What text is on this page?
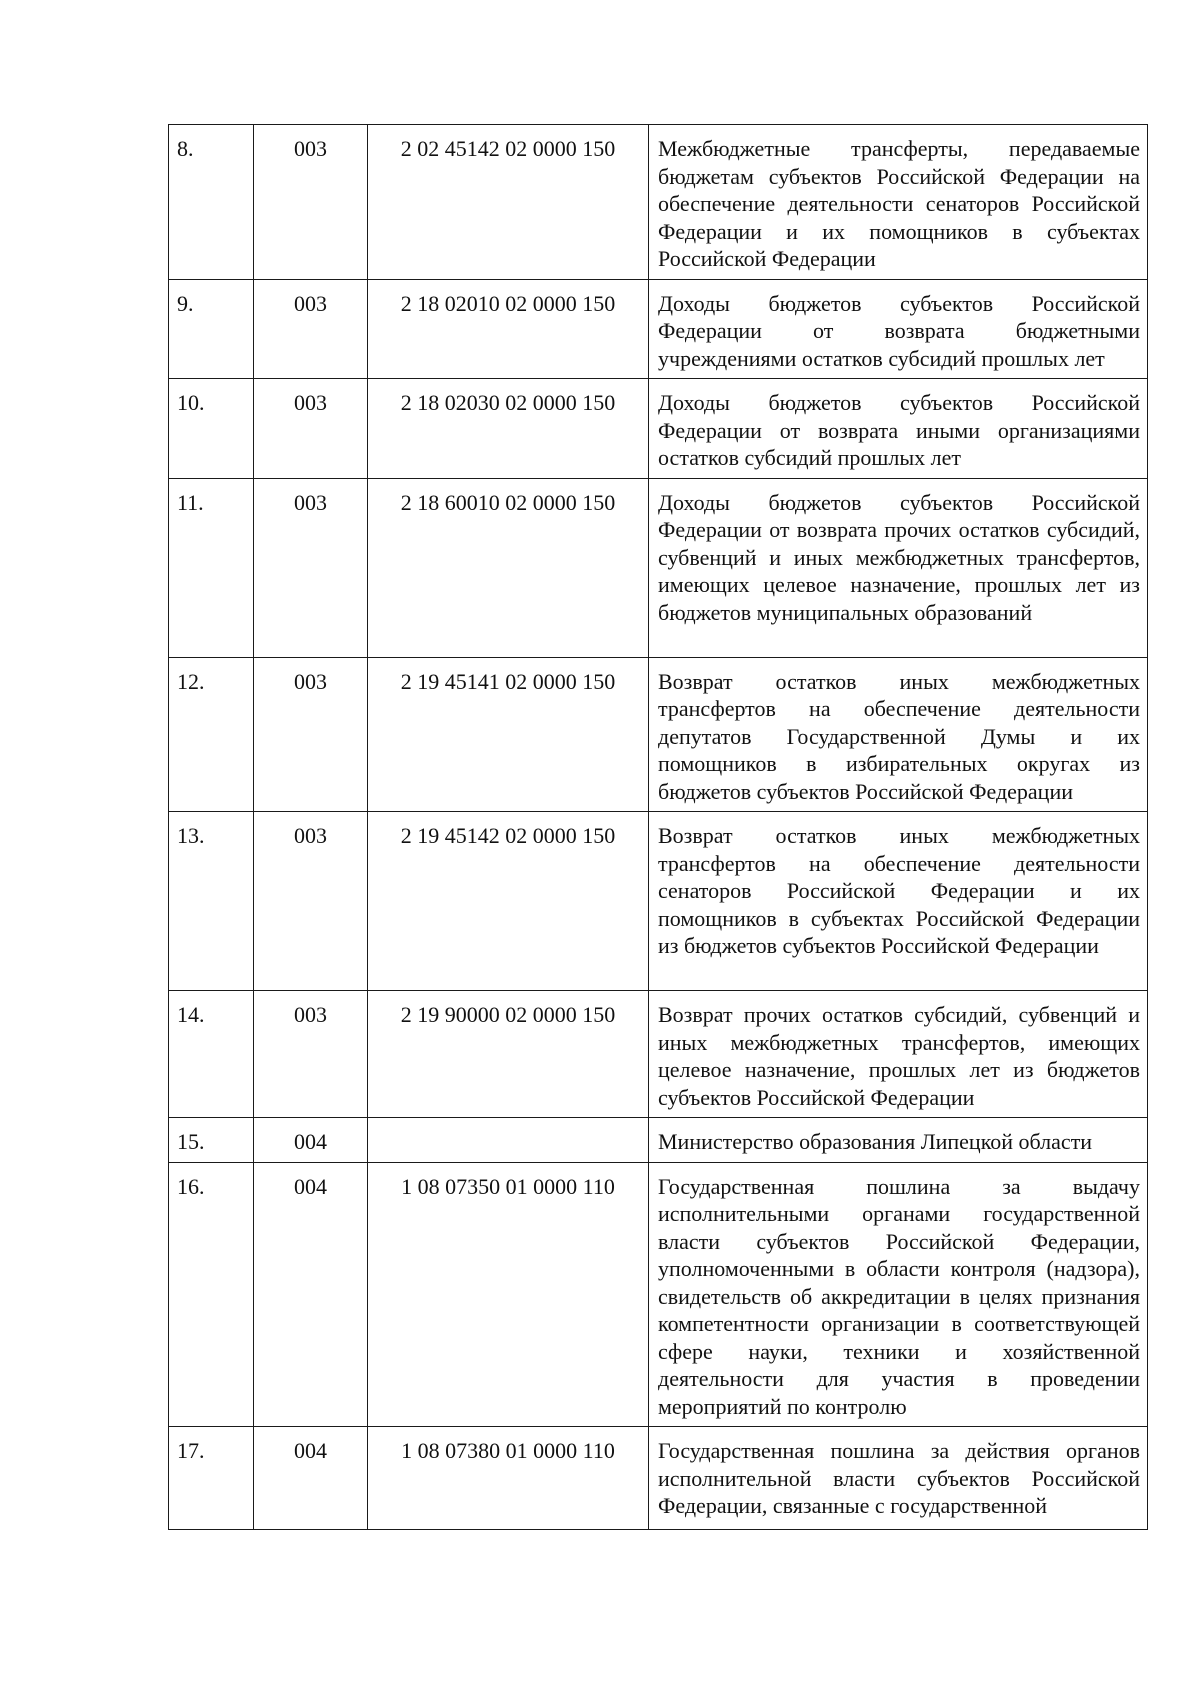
8.	003	2 02 45142 02 0000 150	Межбюджетные трансферты, передаваемые бюджетам субъектов Российской Федерации на обеспечение деятельности сенаторов Российской Федерации и их помощников в субъектах Российской Федерации
9.	003	2 18 02010 02 0000 150	Доходы бюджетов субъектов Российской Федерации от возврата бюджетными учреждениями остатков субсидий прошлых лет
10.	003	2 18 02030 02 0000 150	Доходы бюджетов субъектов Российской Федерации от возврата иными организациями остатков субсидий прошлых лет
11.	003	2 18 60010 02 0000 150	Доходы бюджетов субъектов Российской Федерации от возврата прочих остатков субсидий, субвенций и иных межбюджетных трансфертов, имеющих целевое назначение, прошлых лет из бюджетов муниципальных образований
12.	003	2 19 45141 02 0000 150	Возврат остатков иных межбюджетных трансфертов на обеспечение деятельности депутатов Государственной Думы и их помощников в избирательных округах из бюджетов субъектов Российской Федерации
13.	003	2 19 45142 02 0000 150	Возврат остатков иных межбюджетных трансфертов на обеспечение деятельности сенаторов Российской Федерации и их помощников в субъектах Российской Федерации из бюджетов субъектов Российской Федерации
14.	003	2 19 90000 02 0000 150	Возврат прочих остатков субсидий, субвенций и иных межбюджетных трансфертов, имеющих целевое назначение, прошлых лет из бюджетов субъектов Российской Федерации
15.	004		Министерство образования Липецкой области
16.	004	1 08 07350 01 0000 110	Государственная пошлина за выдачу исполнительными органами государственной власти субъектов Российской Федерации, уполномоченными в области контроля (надзора), свидетельств об аккредитации в целях признания компетентности организации в соответствующей сфере науки, техники и хозяйственной деятельности для участия в проведении мероприятий по контролю
17.	004	1 08 07380 01 0000 110	Государственная пошлина за действия органов исполнительной власти субъектов Российской Федерации, связанные с государственной
